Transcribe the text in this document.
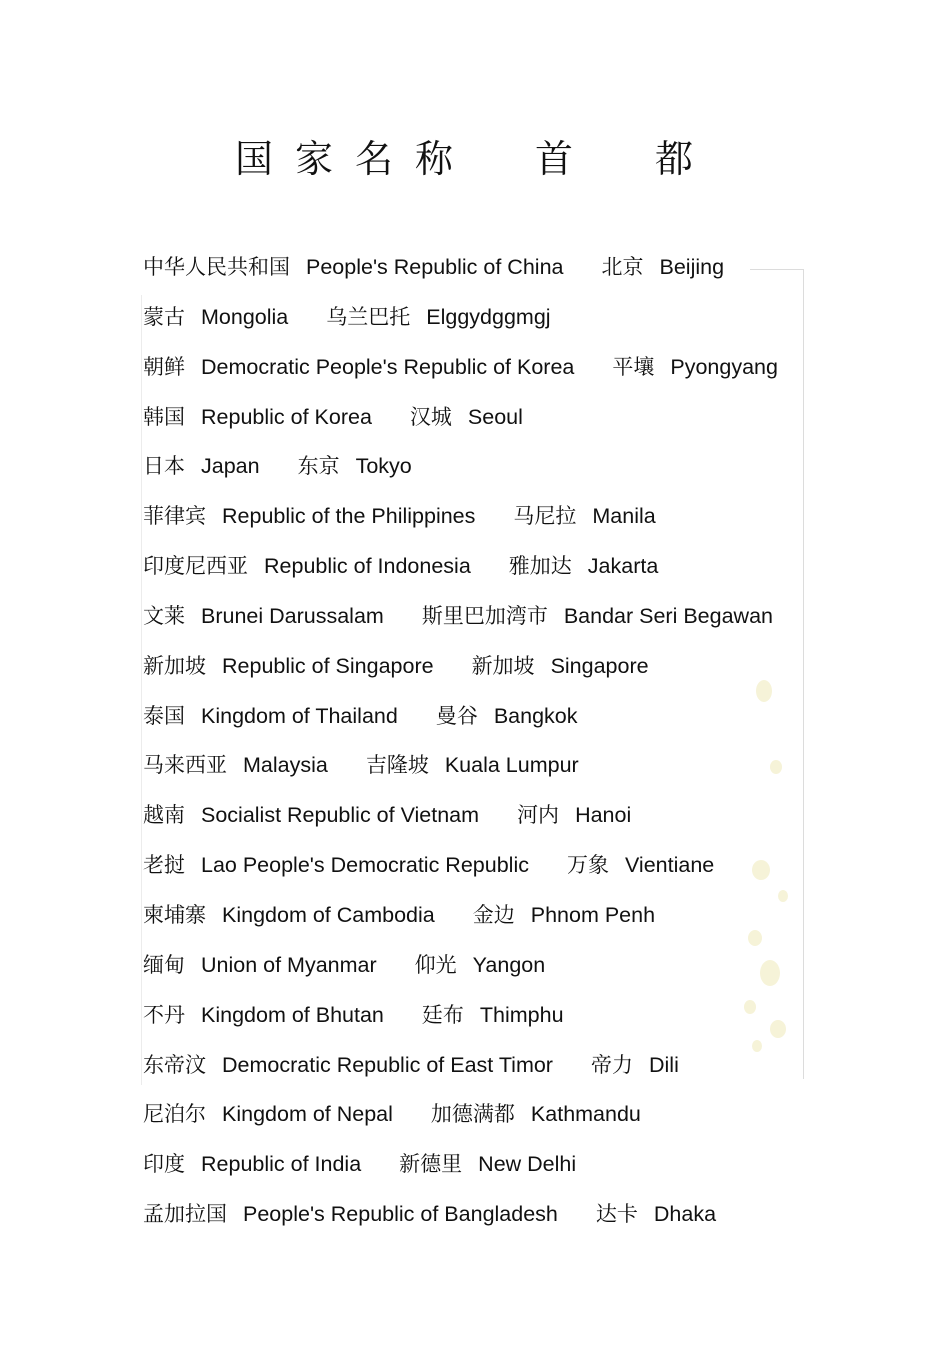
国家名称　首　都
中华人民共和国 People's Republic of China 北京 Beijing
蒙古 Mongolia 乌兰巴托 Elggydggmgj
朝鲜 Democratic People's Republic of Korea 平壤 Pyongyang
韩国 Republic of Korea 汉城 Seoul
日本 Japan 东京 Tokyo
菲律宾 Republic of the Philippines 马尼拉 Manila
印度尼西亚 Republic of Indonesia 雅加达 Jakarta
文莱 Brunei Darussalam 斯里巴加湾市 Bandar Seri Begawan
新加坡 Republic of Singapore 新加坡 Singapore
泰国 Kingdom of Thailand 曼谷 Bangkok
马来西亚 Malaysia 吉隆坡 Kuala Lumpur
越南 Socialist Republic of Vietnam 河内 Hanoi
老挝 Lao People's Democratic Republic 万象 Vientiane
柬埔寨 Kingdom of Cambodia 金边 Phnom Penh
缅甸 Union of Myanmar 仰光 Yangon
不丹 Kingdom of Bhutan 廷布 Thimphu
东帝汶 Democratic Republic of East Timor 帝力 Dili
尼泊尔 Kingdom of Nepal 加德满都 Kathmandu
印度 Republic of India 新德里 New Delhi
孟加拉国 People's Republic of Bangladesh 达卡 Dhaka
